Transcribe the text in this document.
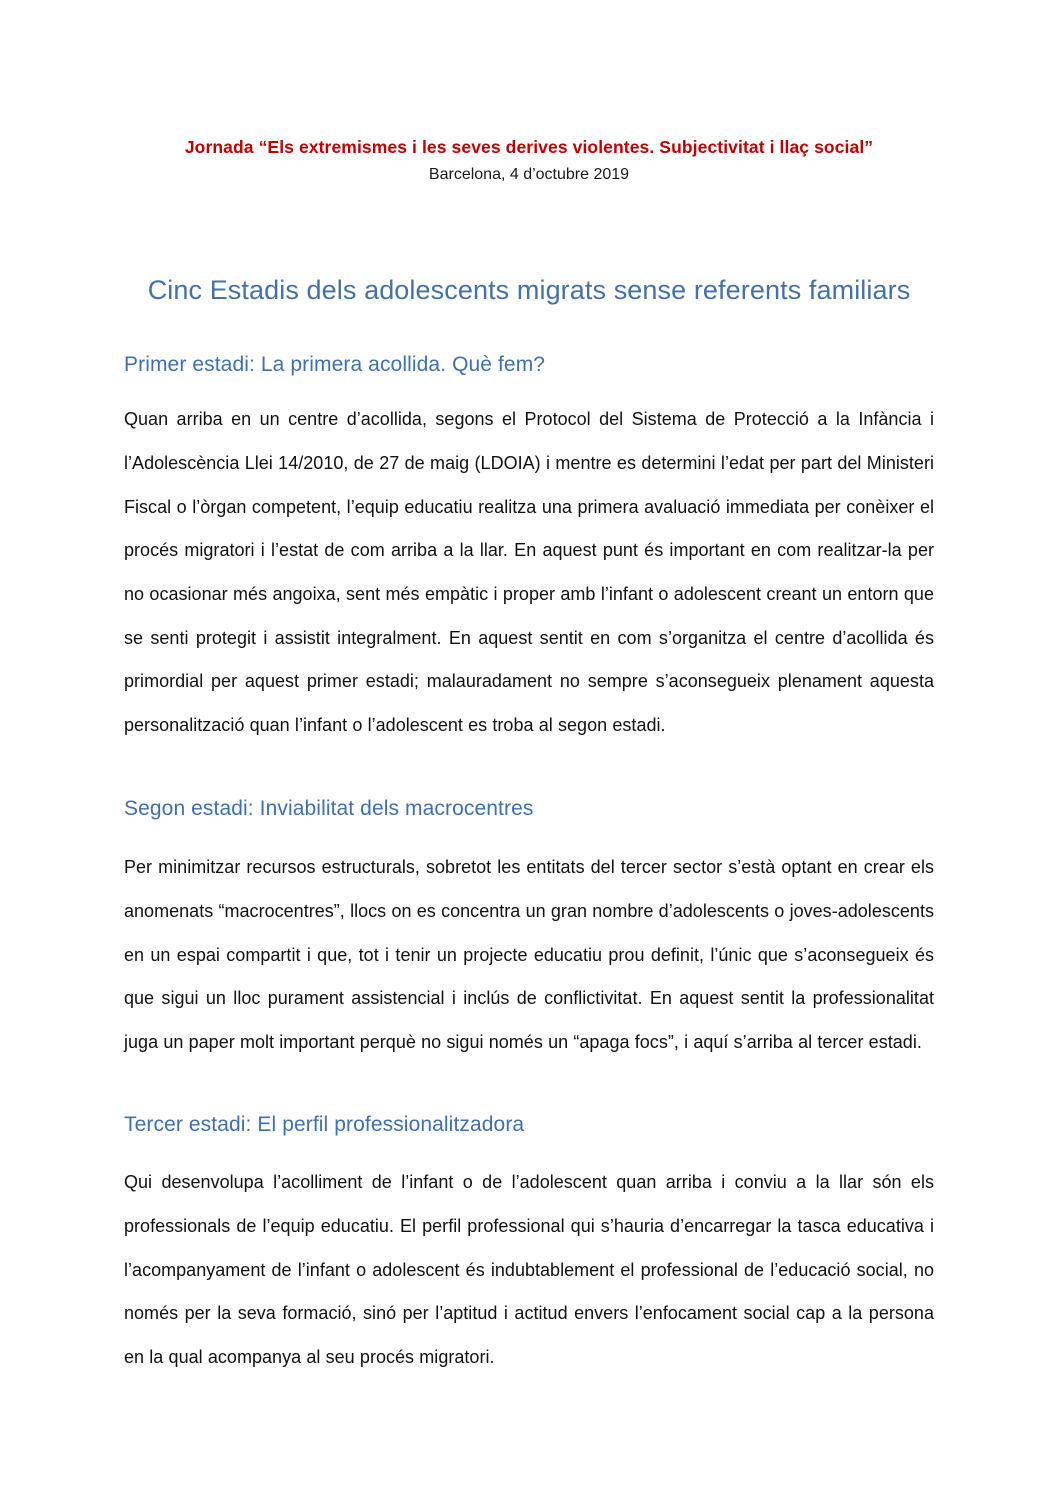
Jornada “Els extremismes i les seves derives violentes. Subjectivitat i llaç social”

Barcelona, 4 d’octubre 2019

Cinc Estadis dels adolescents migrats sense referents familiars
Primer estadi: La primera acollida. Què fem?

Quan arriba en un centre d’acollida, segons el Protocol del Sistema de Protecció a la Infància i l’Adolescència Llei 14/2010, de 27 de maig (LDOIA) i mentre es determini l’edat per part del Ministeri Fiscal o l’òrgan competent, l’equip educatiu realitza una primera avaluació immediata per conèixer el procés migratori i l’estat de com arriba a la llar. En aquest punt és important en com realitzar-la per no ocasionar més angoixa, sent més empàtic i proper amb l’infant o adolescent creant un entorn que se senti protegit i assistit integralment. En aquest sentit en com s’organitza el centre d’acollida és primordial per aquest primer estadi; malauradament no sempre s’aconsegueix plenament aquesta personalització quan l’infant o l’adolescent es troba al segon estadi.

Segon estadi: Inviabilitat dels macrocentres

Per minimitzar recursos estructurals, sobretot les entitats del tercer sector s’està optant en crear els anomenats “macrocentres”, llocs on es concentra un gran nombre d’adolescents o joves-adolescents en un espai compartit i que, tot i tenir un projecte educatiu prou definit, l’únic que s’aconsegueix és que sigui un lloc purament assistencial i inclús de conflictivitat. En aquest sentit la professionalitat juga un paper molt important perquè no sigui només un “apaga focs”, i aquí s’arriba al tercer estadi.

Tercer estadi: El perfil professionalitzadora

Qui desenvolupa l’acolliment de l’infant o de l’adolescent quan arriba i conviu a la llar són els professionals de l’equip educatiu. El perfil professional qui s’hauria d’encarregar la tasca educativa i l’acompanyament de l’infant o adolescent és indubtablement el professional de l’educació social, no només per la seva formació, sinó per l’aptitud i actitud envers l’enfocament social cap a la persona en la qual acompanya al seu procés migratori.
